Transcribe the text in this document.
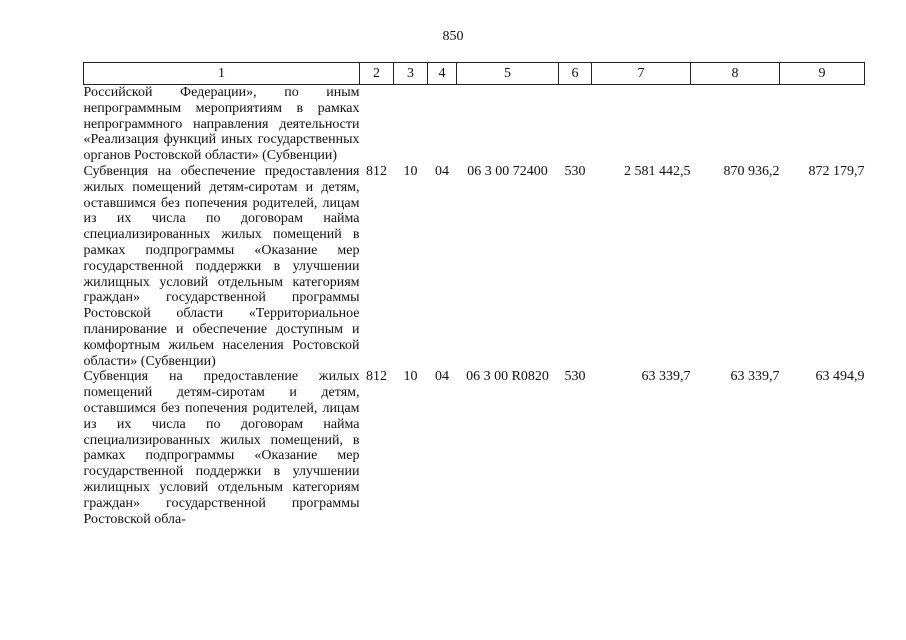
850
1	2	3	4	5	6	7	8	9
Российской Федерации», по иным непрограммным мероприятиям в рамках непрограммного направления деятельности «Реализация функций иных государственных органов Ростовской области» (Субвенции)								
Субвенция на обеспечение предоставления жилых помещений детям-сиротам и детям, оставшимся без попечения родителей, лицам из их числа по договорам найма специализированных жилых помещений в рамках подпрограммы «Оказание мер государственной поддержки в улучшении жилищных условий отдельным категориям граждан» государственной программы Ростовской области «Территориальное планирование и обеспечение доступным и комфортным жильем населения Ростовской области» (Субвенции)	812	10	04	06 3 00 72400	530	2 581 442,5	870 936,2	872 179,7
Субвенция на предоставление жилых помещений детям-сиротам и детям, оставшимся без попечения родителей, лицам из их числа по договорам найма специализированных жилых помещений, в рамках подпрограммы «Оказание мер государственной поддержки в улучшении жилищных условий отдельным категориям граждан» государственной программы Ростовской обла-	812	10	04	06 3 00 R0820	530	63 339,7	63 339,7	63 494,9
